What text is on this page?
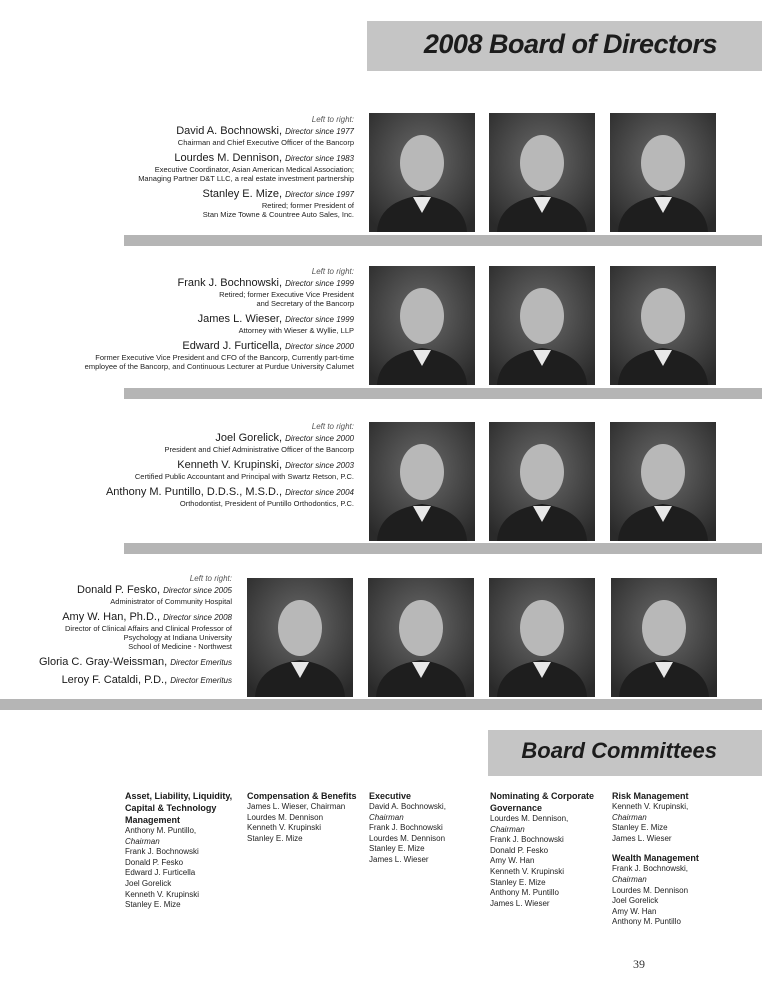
2008 Board of Directors
Left to right:
David A. Bochnowski, Director since 1977
Chairman and Chief Executive Officer of the Bancorp
Lourdes M. Dennison, Director since 1983
Executive Coordinator, Asian American Medical Association;
Managing Partner D&T LLC, a real estate investment partnership
Stanley E. Mize, Director since 1997
Retired; former President of
Stan Mize Towne & Countree Auto Sales, Inc.
Left to right:
Frank J. Bochnowski, Director since 1999
Retired; former Executive Vice President
and Secretary of the Bancorp
James L. Wieser, Director since 1999
Attorney with Wieser & Wyllie, LLP
Edward J. Furticella, Director since 2000
Former Executive Vice President and CFO of the Bancorp, Currently part-time
employee of the Bancorp, and Continuous Lecturer at Purdue University Calumet
Left to right:
Joel Gorelick, Director since 2000
President and Chief Administrative Officer of the Bancorp
Kenneth V. Krupinski, Director since 2003
Certified Public Accountant and Principal with Swartz Retson, P.C.
Anthony M. Puntillo, D.D.S., M.S.D., Director since 2004
Orthodontist, President of Puntillo Orthodontics, P.C.
Left to right:
Donald P. Fesko, Director since 2005
Administrator of Community Hospital
Amy W. Han, Ph.D., Director since 2008
Director of Clinical Affairs and Clinical Professor of
Psychology at Indiana University
School of Medicine - Northwest
Gloria C. Gray-Weissman, Director Emeritus
Leroy F. Cataldi, P.D., Director Emeritus
Board Committees
Asset, Liability, Liquidity, Capital & Technology Management
Anthony M. Puntillo,
Chairman
Frank J. Bochnowski
Donald P. Fesko
Edward J. Furticella
Joel Gorelick
Kenneth V. Krupinski
Stanley E. Mize
Compensation & Benefits
James L. Wieser, Chairman
Lourdes M. Dennison
Kenneth V. Krupinski
Stanley E. Mize
Executive
David A. Bochnowski,
Chairman
Frank J. Bochnowski
Lourdes M. Dennison
Stanley E. Mize
James L. Wieser
Nominating & Corporate Governance
Lourdes M. Dennison,
Chairman
Frank J. Bochnowski
Donald P. Fesko
Amy W. Han
Kenneth V. Krupinski
Stanley E. Mize
Anthony M. Puntillo
James L. Wieser
Risk Management
Kenneth V. Krupinski,
Chairman
Stanley E. Mize
James L. Wieser
Wealth Management
Frank J. Bochnowski,
Chairman
Lourdes M. Dennison
Joel Gorelick
Amy W. Han
Anthony M. Puntillo
39
